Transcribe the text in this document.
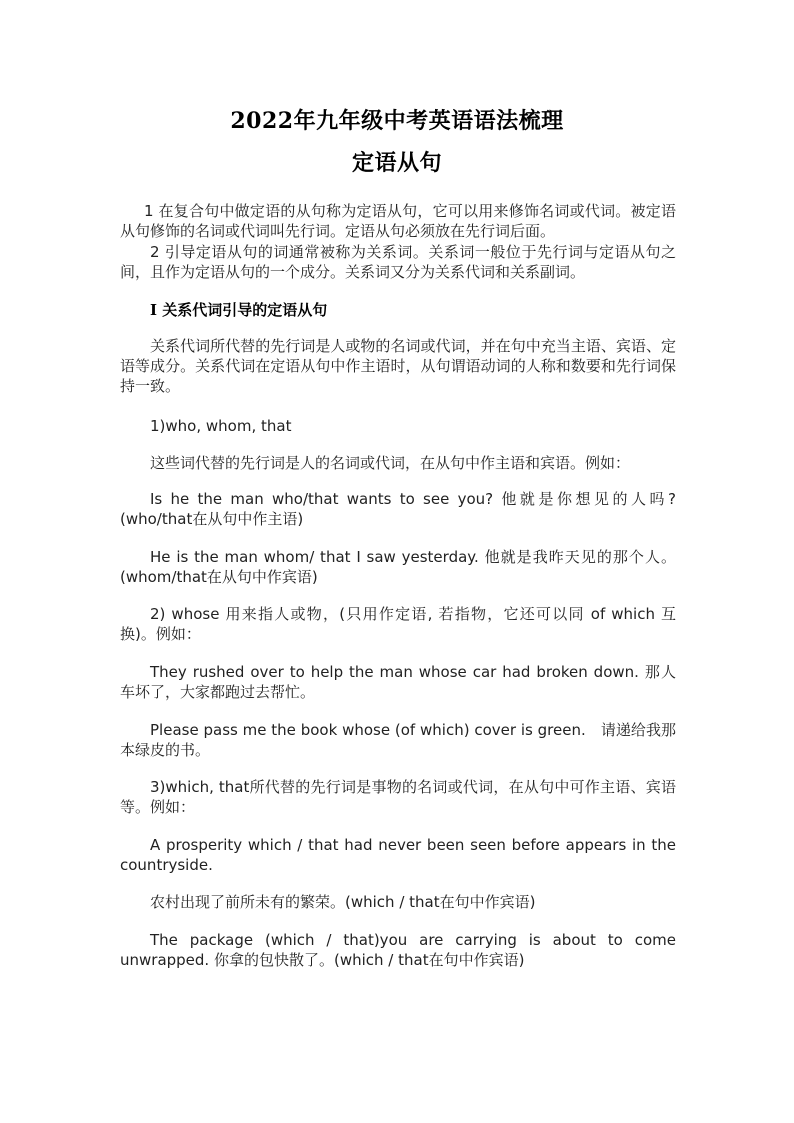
2022年九年级中考英语语法梳理
定语从句
1 在复合句中做定语的从句称为定语从句，它可以用来修饰名词或代词。被定语从句修饰的名词或代词叫先行词。定语从句必须放在先行词后面。
2 引导定语从句的词通常被称为关系词。关系词一般位于先行词与定语从句之间，且作为定语从句的一个成分。关系词又分为关系代词和关系副词。
I 关系代词引导的定语从句
关系代词所代替的先行词是人或物的名词或代词，并在句中充当主语、宾语、定语等成分。关系代词在定语从句中作主语时，从句谓语动词的人称和数要和先行词保持一致。
1)who, whom, that
这些词代替的先行词是人的名词或代词，在从句中作主语和宾语。例如：
Is he the man who/that wants to see you? 他就是你想见的人吗?(who/that在从句中作主语)
He is the man whom/ that I saw yesterday. 他就是我昨天见的那个人。(whom/that在从句中作宾语)
2) whose 用来指人或物，(只用作定语, 若指物，它还可以同 of which 互换)。例如：
They rushed over to help the man whose car had broken down. 那人车坏了，大家都跑过去帮忙。
Please pass me the book whose (of which) cover is green.　请递给我那本绿皮的书。
3)which, that所代替的先行词是事物的名词或代词，在从句中可作主语、宾语等。例如：
A prosperity which / that had never been seen before appears in the countryside.
农村出现了前所未有的繁荣。(which / that在句中作宾语)
The package (which / that)you are carrying is about to come unwrapped. 你拿的包快散了。(which / that在句中作宾语)
